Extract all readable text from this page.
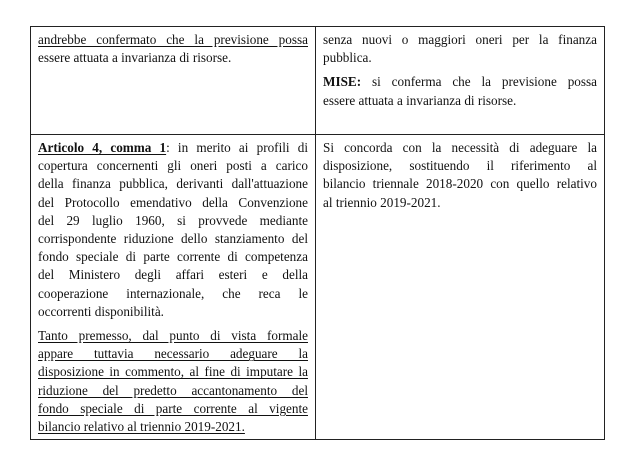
andrebbe confermato che la previsione possa
essere attuata a invarianza di risorse.

senza nuovi o maggiori oneri per la finanza
pubblica.

MISE: si conferma che la previsione possa
essere attuata a invarianza di risorse.

Articolo 4, comma 1: in merito ai profili di
copertura concernenti gli oneri posti a carico
della finanza pubblica, derivanti dall'attuazione
del Protocollo emendativo della Convenzione
del 29 luglio 1960, si provvede mediante
corrispondente riduzione dello stanziamento del
fondo speciale di parte corrente di competenza
del Ministero degli affari esteri e della
cooperazione internazionale, che reca le
occorrenti disponibilità.

Tanto premesso, dal punto di vista formale
appare tuttavia necessario adeguare la
disposizione in commento, al fine di imputare la
riduzione del predetto accantonamento del
fondo speciale di parte corrente al vigente
bilancio relativo al triennio 2019-2021.

Si concorda con la necessità di adeguare la
disposizione, sostituendo il riferimento al
bilancio triennale 2018-2020 con quello relativo
al triennio 2019-2021.
